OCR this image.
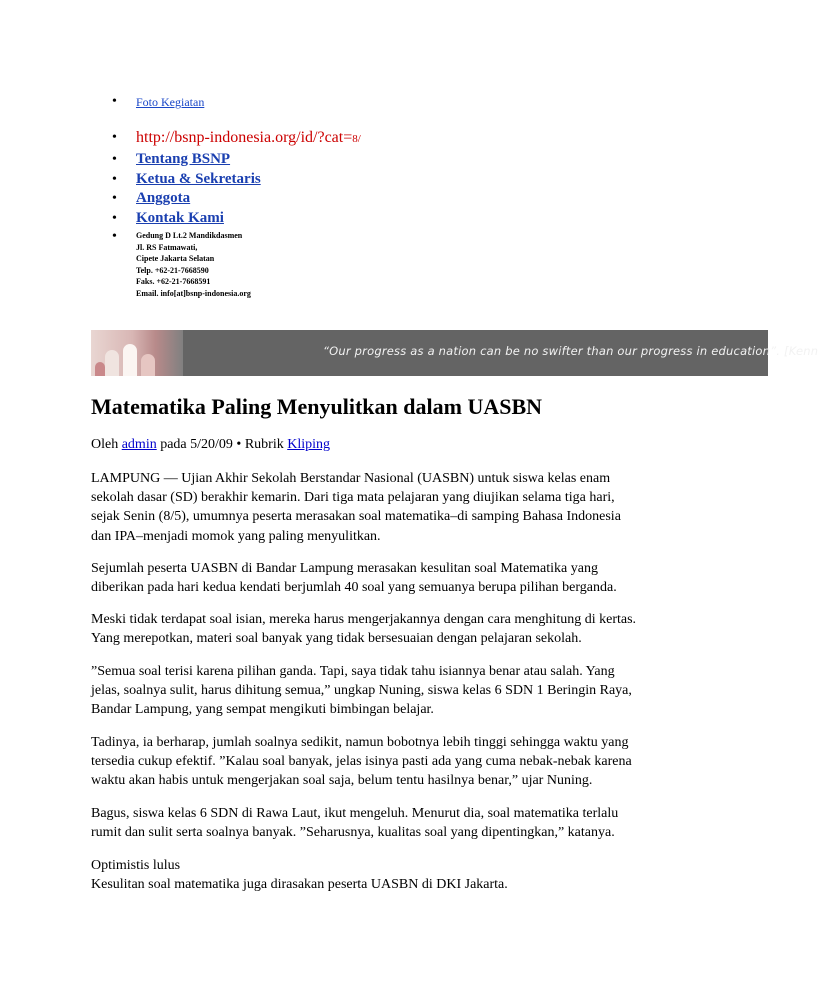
• Foto Kegiatan
• http://bsnp-indonesia.org/id/?cat=8/
• Tentang BSNP
• Ketua & Sekretaris
• Anggota
• Kontak Kami
• Gedung D Lt.2 Mandikdasmen
Jl. RS Fatmawati,
Cipete Jakarta Selatan
Telp. +62-21-7668590
Faks. +62-21-7668591
Email. info[at]bsnp-indonesia.org
“Our progress as a nation can be no swifter than our progress in education”. [Kenn
Matematika Paling Menyulitkan dalam UASBN
Oleh admin pada 5/20/09 • Rubrik Kliping
LAMPUNG — Ujian Akhir Sekolah Berstandar Nasional (UASBN) untuk siswa kelas enam
sekolah dasar (SD) berakhir kemarin. Dari tiga mata pelajaran yang diujikan selama tiga hari,
sejak Senin (8/5), umumnya peserta merasakan soal matematika–di samping Bahasa Indonesia
dan IPA–menjadi momok yang paling menyulitkan.
Sejumlah peserta UASBN di Bandar Lampung merasakan kesulitan soal Matematika yang
diberikan pada hari kedua kendati berjumlah 40 soal yang semuanya berupa pilihan berganda.
Meski tidak terdapat soal isian, mereka harus mengerjakannya dengan cara menghitung di kertas.
Yang merepotkan, materi soal banyak yang tidak bersesuaian dengan pelajaran sekolah.
”Semua soal terisi karena pilihan ganda. Tapi, saya tidak tahu isiannya benar atau salah. Yang
jelas, soalnya sulit, harus dihitung semua,” ungkap Nuning, siswa kelas 6 SDN 1 Beringin Raya,
Bandar Lampung, yang sempat mengikuti bimbingan belajar.
Tadinya, ia berharap, jumlah soalnya sedikit, namun bobotnya lebih tinggi sehingga waktu yang
tersedia cukup efektif. ”Kalau soal banyak, jelas isinya pasti ada yang cuma nebak-nebak karena
waktu akan habis untuk mengerjakan soal saja, belum tentu hasilnya benar,” ujar Nuning.
Bagus, siswa kelas 6 SDN di Rawa Laut, ikut mengeluh. Menurut dia, soal matematika terlalu
rumit dan sulit serta soalnya banyak. ”Seharusnya, kualitas soal yang dipentingkan,” katanya.
Optimistis lulus
Kesulitan soal matematika juga dirasakan peserta UASBN di DKI Jakarta.
